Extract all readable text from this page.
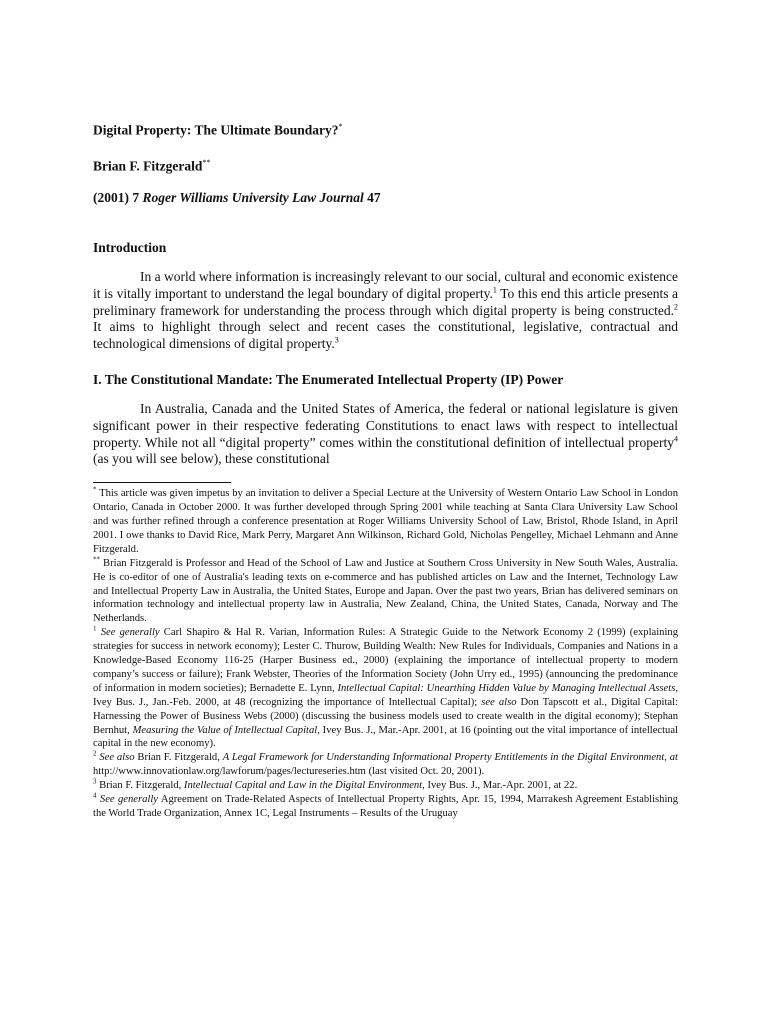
Digital Property: The Ultimate Boundary?*
Brian F. Fitzgerald**
(2001) 7 Roger Williams University Law Journal 47
Introduction

In a world where information is increasingly relevant to our social, cultural and economic existence it is vitally important to understand the legal boundary of digital property.$^1$ To this end this article presents a preliminary framework for understanding the process through which digital property is being constructed.$^2$ It aims to highlight through select and recent cases the constitutional, legislative, contractual and technological dimensions of digital property.$^3$

I. The Constitutional Mandate: The Enumerated Intellectual Property (IP) Power

In Australia, Canada and the United States of America, the federal or national legislature is given significant power in their respective federating Constitutions to enact laws with respect to intellectual property. While not all “digital property” comes within the constitutional definition of intellectual property$^4$ (as you will see below), these constitutional

* This article was given impetus by an invitation to deliver a Special Lecture at the University of Western Ontario Law School in London Ontario, Canada in October 2000. It was further developed through Spring 2001 while teaching at Santa Clara University Law School and was further refined through a conference presentation at Roger Williams University School of Law, Bristol, Rhode Island, in April 2001. I owe thanks to David Rice, Mark Perry, Margaret Ann Wilkinson, Richard Gold, Nicholas Pengelley, Michael Lehmann and Anne Fitzgerald.

** Brian Fitzgerald is Professor and Head of the School of Law and Justice at Southern Cross University in New South Wales, Australia. He is co-editor of one of Australia's leading texts on e-commerce and has published articles on Law and the Internet, Technology Law and Intellectual Property Law in Australia, the United States, Europe and Japan. Over the past two years, Brian has delivered seminars on information technology and intellectual property law in Australia, New Zealand, China, the United States, Canada, Norway and The Netherlands.

$^1$ See generally Carl Shapiro & Hal R. Varian, Information Rules: A Strategic Guide to the Network Economy 2 (1999) (explaining strategies for success in network economy); Lester C. Thurow, Building Wealth: New Rules for Individuals, Companies and Nations in a Knowledge-Based Economy 116-25 (Harper Business ed., 2000) (explaining the importance of intellectual property to modern company’s success or failure); Frank Webster, Theories of the Information Society (John Urry ed., 1995) (announcing the predominance of information in modern societies); Bernadette E. Lynn, Intellectual Capital: Unearthing Hidden Value by Managing Intellectual Assets, Ivey Bus. J., Jan.-Feb. 2000, at 48 (recognizing the importance of Intellectual Capital); see also Don Tapscott et al., Digital Capital: Harnessing the Power of Business Webs (2000) (discussing the business models used to create wealth in the digital economy); Stephan Bernhut, Measuring the Value of Intellectual Capital, Ivey Bus. J., Mar.-Apr. 2001, at 16 (pointing out the vital importance of intellectual capital in the new economy).

$^2$ See also Brian F. Fitzgerald, A Legal Framework for Understanding Informational Property Entitlements in the Digital Environment, at http://www.innovationlaw.org/lawforum/pages/lectureseries.htm (last visited Oct. 20, 2001).

$^3$ Brian F. Fitzgerald, Intellectual Capital and Law in the Digital Environment, Ivey Bus. J., Mar.-Apr. 2001, at 22.

$^4$ See generally Agreement on Trade-Related Aspects of Intellectual Property Rights, Apr. 15, 1994, Marrakesh Agreement Establishing the World Trade Organization, Annex 1C, Legal Instruments – Results of the Uruguay
